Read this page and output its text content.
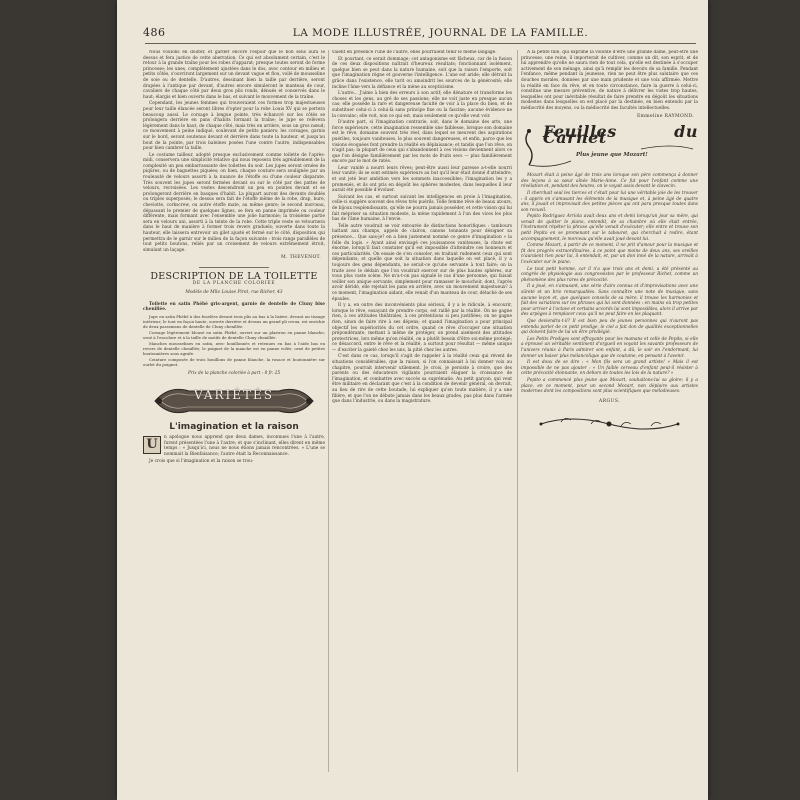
486	LA MODE ILLUSTRÉE, JOURNAL DE LA FAMILLE.

Nous voulons en douter, et garder encore l'espoir que le bon sens aura le dessus et fera justice de cette aberration. Ce qui est absolument certain, c'est le retour à la grande traîne pour les robes d'apparat; presque toutes seront de forme princesse; les unes, complètement ajustées dans le dos, avec contour en milieu et petits côtés, s'ouvriront largement sur un devant vague et flou, voilé de mousseline de soie ou de dentelle. D'autres, dessinant bien la taille par derrière, seront drapées à l'antique par devant, d'autres encore simuleront le manteau de cour, cavaliers de chaque côté par deux gros plis ronds, dénués et conservés dans le haut; élargis et bien ouverts dans le bas, et suivant le mouvement de la traîne.

Cependant, les jeunes femmes qui trouveraient ces formes trop majestueuses pour leur taille élancée seront libres d'opter pour la robe Louis XV qui se portera beaucoup aussi. Le corsage à longue pointe, très échancré sur les côtés se prolongera derrière en pans d'habits formant la traîne; le jupe se relèvera légèrement dans le haut, de chaque côté, mais très en arrière, sous un gros nœud; ce mouvement à peine indiqué, soulevant de petits paniers; les corsages, garnis sur le bord, seront soutenus devant et derrière dans toute la hauteur, et jusqu'au bout de la pointe, par trois baleines posées l'une contre l'autre, indispensables pour bien cambrer la taille.

Le costume tailleur, adopté presque exclusivement comme toilette de l'après-midi, conservera une simplicité relative qui nous reposera très agréablement de la complexité un peu embarrassante des toilettes du soir. Les jupes seront ornées de piqûres, ou de baguettes piquées; on bien, chaque couture sera soulignée par un rouleauté de velours assorti à la nuance de l'étoffe ou d'une couleur disparate. Très souvent les jupes seront fermées devant ou sur le côté par des pattes de velours, recroisées. Les vestes descendront un peu en pointes devant et se prolongeront derrière en basques d'habit. La plupart auront des devants doublés ou triples superposés; le dessus sera fait de l'étoffe même de la robe, drap, bure, cheviotte, corkscrew, ou autre étoffe mate, au même genre; le second morceau, dépassant le premier de quelques lignes, se fera en panne imprimée ou couleur différente, mais formant avec l'ensemble une jolie harmonie; la troisième partie sera en velours uni, assorti à la teinte de la robe. Cette triple veste se retournera dans le haut de manière à former trois revers graduels; ouverte dans toute la hauteur, elle laissera entrevoir un gilet ajusté et fermé sur le côté, disposition qui permettra de le garnir sur le milieu de la façon suivante : trois rangs parallèles de tout petits boutons, reliés par un croisement de velours extrêmement étroit, simulant un laçage.

M. THEVENOT.
DESCRIPTION DE LA TOILETTE
DE LA PLANCHE COLORIÉE
Modèle de Mlle Louise Piret, rue Richer, 43

Toilette en satin Phébé gris-argent, garnie de dentelle de Cluny bise chenillée.

Jupe en satin Phébé à dos fuselées devant trois plis au bas à la lisière, devant un tissage intérieur; le tout en façon haute, ouverte derrière et dessus un grand pli creux, est enrichie de deux passemens de dentelle de Cluny chenillée.

Corsage légèrement blousé en satin Phébé, ouvert sur un plastron en panne blanche; orné à l'encolure et à la taille de motifs de dentelle Cluny chenillée.

Manches mousselines en satin, avec bouillonnés et retenues en bas à l'aide bas en revers de dentelle chenillée; le poignet de la manche est en panne volée, orné de petites boutonnières sous agrafe.

Ceinture composée de trois bouillons de panne blanche, la rosace et boutonnière sur ourlet du poignet.

Prix de la planche coloriée à part : 0 fr. 25
VARIÉTÉS
L'imagination et la raison
U	n apologue nous apprend que deux dames, inconnues l'une à l'autre, furent présentées l'une à l'autre; et que s'inclinant, elles dirent en même temps : « Jusqu'ici, nous ne nous étions jamais rencontrées. » L'une se nommait la Bienfaisance; l'autre était la Reconnaissance.

Je crois que si l'imagination et la raison se trou-

vaient en présence l'une de l'autre, elles pourraient tenir le même langage.

Et pourtant, ce serait dommage; cet antagonisme est fâcheux, car de la fusion de ces deux dispositions naîtrait d'heureux résultats; fonctionnant isolément, quelque bien se peut dans la nature humaine, soit que la raison l'emporte, soit que l'imagination règne et gouverne l'intelligence. L'une est aride; elle détruit la grâce dans l'existence, elle tarit ou amoindrit les sources de la générosité; elle incline l'âme vers la défiance et la mène au scepticisme.

L'autre... J'aime à bien des erreurs à son actif; elle dénature et transforme les choses et les gens, au gré de ses passions; elle ne voit juste en presque aucun cas; elle possède la rare et dangereuse faculté de voir à la place du bien, et de substituer celui-ci à celui-là sans principe fixe ou la fascine; aucune évidence ne la convainc; elle voit, non ce qui est, mais seulement ce qu'elle veut voir.

D'autre part, si l'imagination contrarie, soit, dans le domaine des arts, une force supérieure, cette imagination ressemble une faiblesse, lorsque son domaine est le rêve, domaine souvent très réel, dans lequel se meuvent des aspirations puériles, toujours vaniteuses, le plus souvent dangereuses, et enfin, parce que les visions évoquées font prendre la réalité en déplaisance; et tandis que l'on rêve, on n'agit pas; la plupart de ceux qui s'abandonnent à ces visions deviennent alors ce que l'on désigne familièrement par les mots de fruits secs — plus familièrement encore par le mot de ratés.

Leur vanité a nourri leurs rêves; peut-être aussi leur paresse a-t-elle nourri leur vanité; ils se sont estimés supérieurs au but qu'il leur était donné d'atteindre, et ont jeté leur ambition vers les sommets inaccessibles; l'imagination les y a promenés, et ils ont pris en dégoût les sphères modestes, dans lesquelles il leur aurait été possible d'évoluer.

Suivant les cas, et surtout suivant les intelligences en proie à l'imagination, celle-ci suggère souvent des rêves très puérils. Telle femme rêve de beaux atours, de bijoux resplendissants, qu'elle ne pourra jamais posséder, et cette vision qui lui fait mépriser sa situation modeste, la mène rapidement à l'un des vices les plus bas de l'âme humaine, à l'envie.

Telle autre voudrait se voir entourée de distinctions honorifiques : tambours battant aux champs, appels de clairon, canons tonnants pour désigner sa présence... Que sais-je? en a bien justement nommé ce genre d'imagination « la folle du logis. » Ayant ainsi envisagé ces jouissances vaniteuses, la chute est énorme, lorsqu'il faut constater qu'il est impossible d'atteindre ces honneurs et ces particularités. On essaie de s'en consoler, en traitant rudement ceux qui sont dépendants; et quelle que soit la situation dans laquelle on est placé, il y a toujours des gens dépendants, ne serait-ce qu'une servante à tout faire; on la traite avec le dédain que l'on voudrait exercer sur de plus hautes sphères, sur vous plus vaste scène. Ne m'a-t-on pas signalé le cas d'une personne, qui faisait veiller son unique servante, simplement pour ramasser le mouchoir, dont, l'après avoir déridé, elle rejetait les pans en arrière, avec un mouvement majestueux? à ce moment, l'imagination aidant, elle venait d'un manteau de cour, détaché de ses épaules.

Il y a, en outre des inconvénients plus sérieux, il y a le ridicule, à encourir, lorsque le rêve, essayant de prendre corps, est raillé par la réalité. On ne gagne rien, à ces attitudes théâtrales, à ces prétentions si peu justifiées; on ne gagne rien, sinon de faire rire à ses dépens; et quand l'imagination a pour principal objectif les supériorités du cet ordre, quand ce rêve d'occuper une situation prépondérante, mettant à même de protéger, on prend aisément des attitudes protectrices, lors même qu'en réalité, on a plutôt besoin d'être soi-même protégé; ce désaccord, entre le rêve et la réalité, a surtout pour résultat — même unique — d'exciter la gaieté chez les uns, la pitié chez les autres.

C'est dans ce cas, lorsqu'il s'agit de rappeler à la réalité ceux qui révent de situations considérables, que la raison, si l'on connaissait à lui donner voix au chapitre, pourrait intervenir utilement. Je crois, je persiste à croire, que des parents ou des éducateurs vigilants pourraient élaguer la croissance de l'imagination, et combattre avec succès sa suprématie. Au petit garçon, qui veut être militaire en déclarant que c'est à la condition de devenir général, on devrait, au lieu de rire de cette boutade, lui expliquer qu'en toute matière, il y a une filière, et que l'on ne débute jamais dans les beaux grades, pas plus dans l'armée que dans l'industrie, ou dans la magistrature.

A la petite fille, qui exprime la volonté d'être une grande dame, peut-être une princesse, une reine, il importerait de cultiver, comme un dit, son esprit, et de lui apprendre qu'elle ne saura rien de tout cela, qu'elle est destinée à s'occuper activement de son ménage, ainsi qu'à remplir les devoirs de sa famille. Pendant l'enfance, même pendant la jeunesse, rien ne peut être plus salutaire que ces douches morales, données par une main prudente et une voix affirmée. Mettre la réalité en face du rêve, et en toute circonstance, faire la guerre à celui-ci, constitue une mesure préventive, de nature à délivrer les vistes trop hautes, lesquelles ont pour inévitable résultat de faire prendre en dégoût les situations modestes dans lesquelles on est placé par la destinée, en bien entendu par la médiocrité des moyens, ou la médiocrité des facultés intellectuelles.

Emmeline RAYMOND.
Feuilles du Carnet
Plus jeune que Mozart!

Mozart était à peine âgé de trois ans lorsque son père commença à donner des leçons à sa sœur aînée Marie-Anne. Ce fut pour l'enfant comme une révélation et, pendant des heures, on le voyait assis devant le clavecin.

Il cherchait seul les tierces et c'était pour lui une véritable joie de les trouver : il appris en s'amusant les éléments de la musique et, à peine âgé de quatre ans, il jouait et improvisait des petites pièces qui ont paru presque toutes dans son recueil.

Pepito Rodriguez Arriola avait deux ans et demi lorsqu'un jour sa mère, qui venait de quitter le piano, entendit, de sa chambre où elle était entrée, l'instrument répéter la phrase qu'elle venait d'exécuter; elle entre et trouve son petit Pepito en se promenant sur le tabouret, qui cherchait à redire, étant accompagnement, le morceau qu'elle avait joué devant lui.

Comme Mozart, à partir de ce moment, il ne prit d'amour pour la musique et fit des progrès extraordinaires, à ce point que moins de deux ans, ses oreilles n'auraient rien pour lui, il entendait, et, par un don inné de la nature, arrivait à l'exécuter sur le piano.

Le tout petit homme, car il n'a que trois ans et demi, a été présenté au congrès de physiologie aux congressistes par le professeur Richet, comme un phénomène des plus rares de précocité.

Il a joué, en s'amusant, une série d'airs connus et d'improvisations avec une sûreté et un brio remarquables. Sans connaître une note de musique, sans aucune leçon et, que quelques conseils de sa mère, il trouve les harmonies et fait des variations sur les phrases qui lui sont données : en mains où trop petites pour arriver à l'octave et certains accords lui sont impossibles, alors il arrive par des arpèges à remplacer ceux qu'il ne peut faire en les plaquant.

Que deviendra-t-il? Il est bien peu de jeunes personnes qui n'auront pas entendu parler de ce petit prodige, le ciel a fait don de qualités exceptionnelles qui doivent faire de lui un être privilégié.

Les Petits Prodiges sont effrayants pour les mamans et celle de Pepito, si elle a éprouvé un véritable sentiment d'orgueil en voyant les savants professeurs de l'univers réunis à Paris admirer son enfant, a dû, le soir en l'endormant, lui donner un baiser plus mélancolique que de coutume, en pensant à l'avenir.

Il est doux de se dire : « Mon fils sera un grand artiste! » Mais il est impossible de ne pas ajouter : « Un faible cerveau d'enfant peut-il résister à cette précocité étonnante, en dehors de toutes les lois de la nature? »

Pepito a commencé plus jeune que Mozart, souhaitons-lui sa gloire; il y a place, en ce moment, pour un second Mozart, non déplaire aux artistes modernes dont les compositions sont plus scientifiques que mélodieuses.

ARGUS.
